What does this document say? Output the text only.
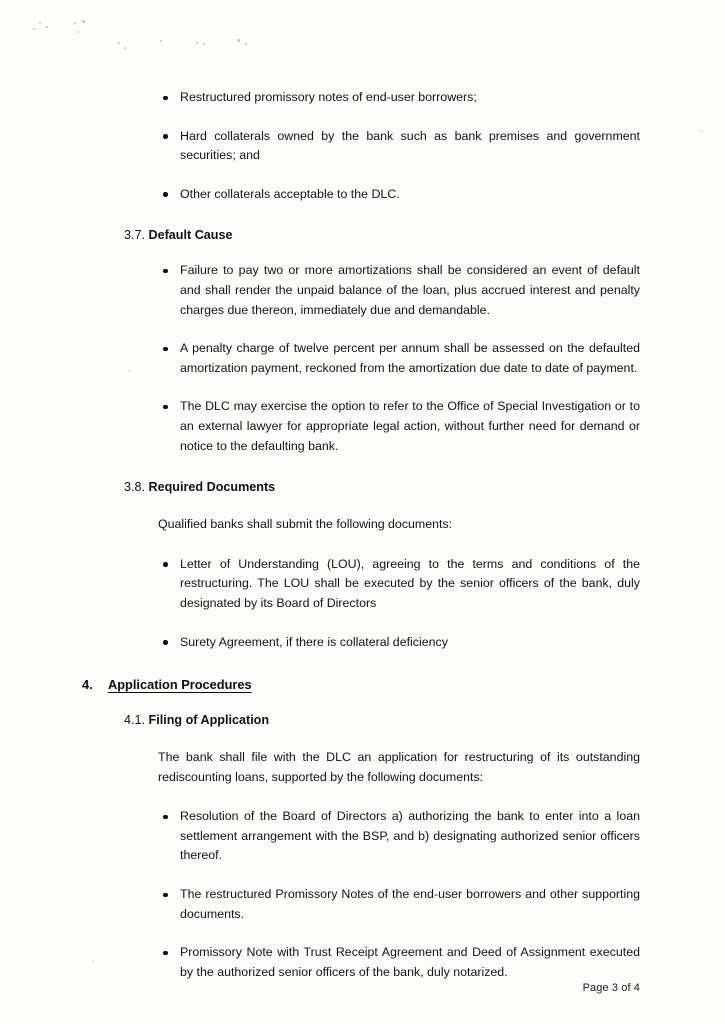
Restructured promissory notes of end-user borrowers;

Hard collaterals owned by the bank such as bank premises and government securities; and

Other collaterals acceptable to the DLC.

3.7. Default Cause

Failure to pay two or more amortizations shall be considered an event of default and shall render the unpaid balance of the loan, plus accrued interest and penalty charges due thereon, immediately due and demandable.

A penalty charge of twelve percent per annum shall be assessed on the defaulted amortization payment, reckoned from the amortization due date to date of payment.

The DLC may exercise the option to refer to the Office of Special Investigation or to an external lawyer for appropriate legal action, without further need for demand or notice to the defaulting bank.

3.8. Required Documents

Qualified banks shall submit the following documents:

Letter of Understanding (LOU), agreeing to the terms and conditions of the restructuring. The LOU shall be executed by the senior officers of the bank, duly designated by its Board of Directors

Surety Agreement, if there is collateral deficiency

4. Application Procedures

4.1. Filing of Application

The bank shall file with the DLC an application for restructuring of its outstanding rediscounting loans, supported by the following documents:

Resolution of the Board of Directors a) authorizing the bank to enter into a loan settlement arrangement with the BSP, and b) designating authorized senior officers thereof.

The restructured Promissory Notes of the end-user borrowers and other supporting documents.

Promissory Note with Trust Receipt Agreement and Deed of Assignment executed by the authorized senior officers of the bank, duly notarized.

Page 3 of 4
